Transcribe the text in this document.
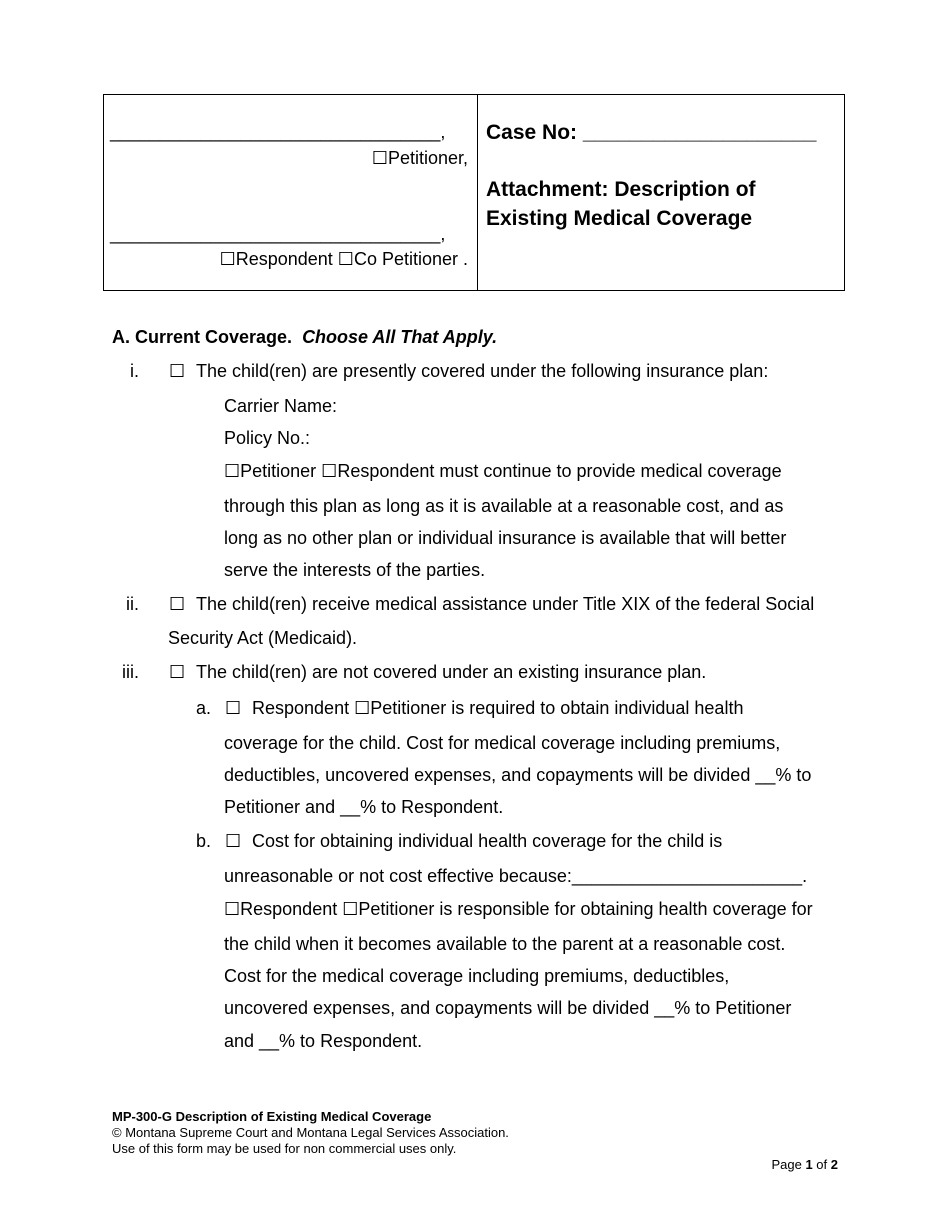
_________________________________,
☐Petitioner,
_________________________________,
☐Respondent ☐Co Petitioner .
Case No: ____________________
Attachment: Description of
Existing Medical Coverage
A. Current Coverage. Choose All That Apply.
i. ☐ The child(ren) are presently covered under the following insurance plan:
Carrier Name:
Policy No.:
☐Petitioner ☐Respondent must continue to provide medical coverage
through this plan as long as it is available at a reasonable cost, and as
long as no other plan or individual insurance is available that will better
serve the interests of the parties.
ii. ☐ The child(ren) receive medical assistance under Title XIX of the federal Social
Security Act (Medicaid).
iii. ☐ The child(ren) are not covered under an existing insurance plan.
a. ☐ Respondent ☐Petitioner is required to obtain individual health
coverage for the child. Cost for medical coverage including premiums,
deductibles, uncovered expenses, and copayments will be divided __% to
Petitioner and __% to Respondent.
b. ☐ Cost for obtaining individual health coverage for the child is
unreasonable or not cost effective because:_______________________.
☐Respondent ☐Petitioner is responsible for obtaining health coverage for
the child when it becomes available to the parent at a reasonable cost.
Cost for the medical coverage including premiums, deductibles,
uncovered expenses, and copayments will be divided __% to Petitioner
and __% to Respondent.
MP-300-G Description of Existing Medical Coverage
© Montana Supreme Court and Montana Legal Services Association.
Use of this form may be used for non commercial uses only.
Page 1 of 2
